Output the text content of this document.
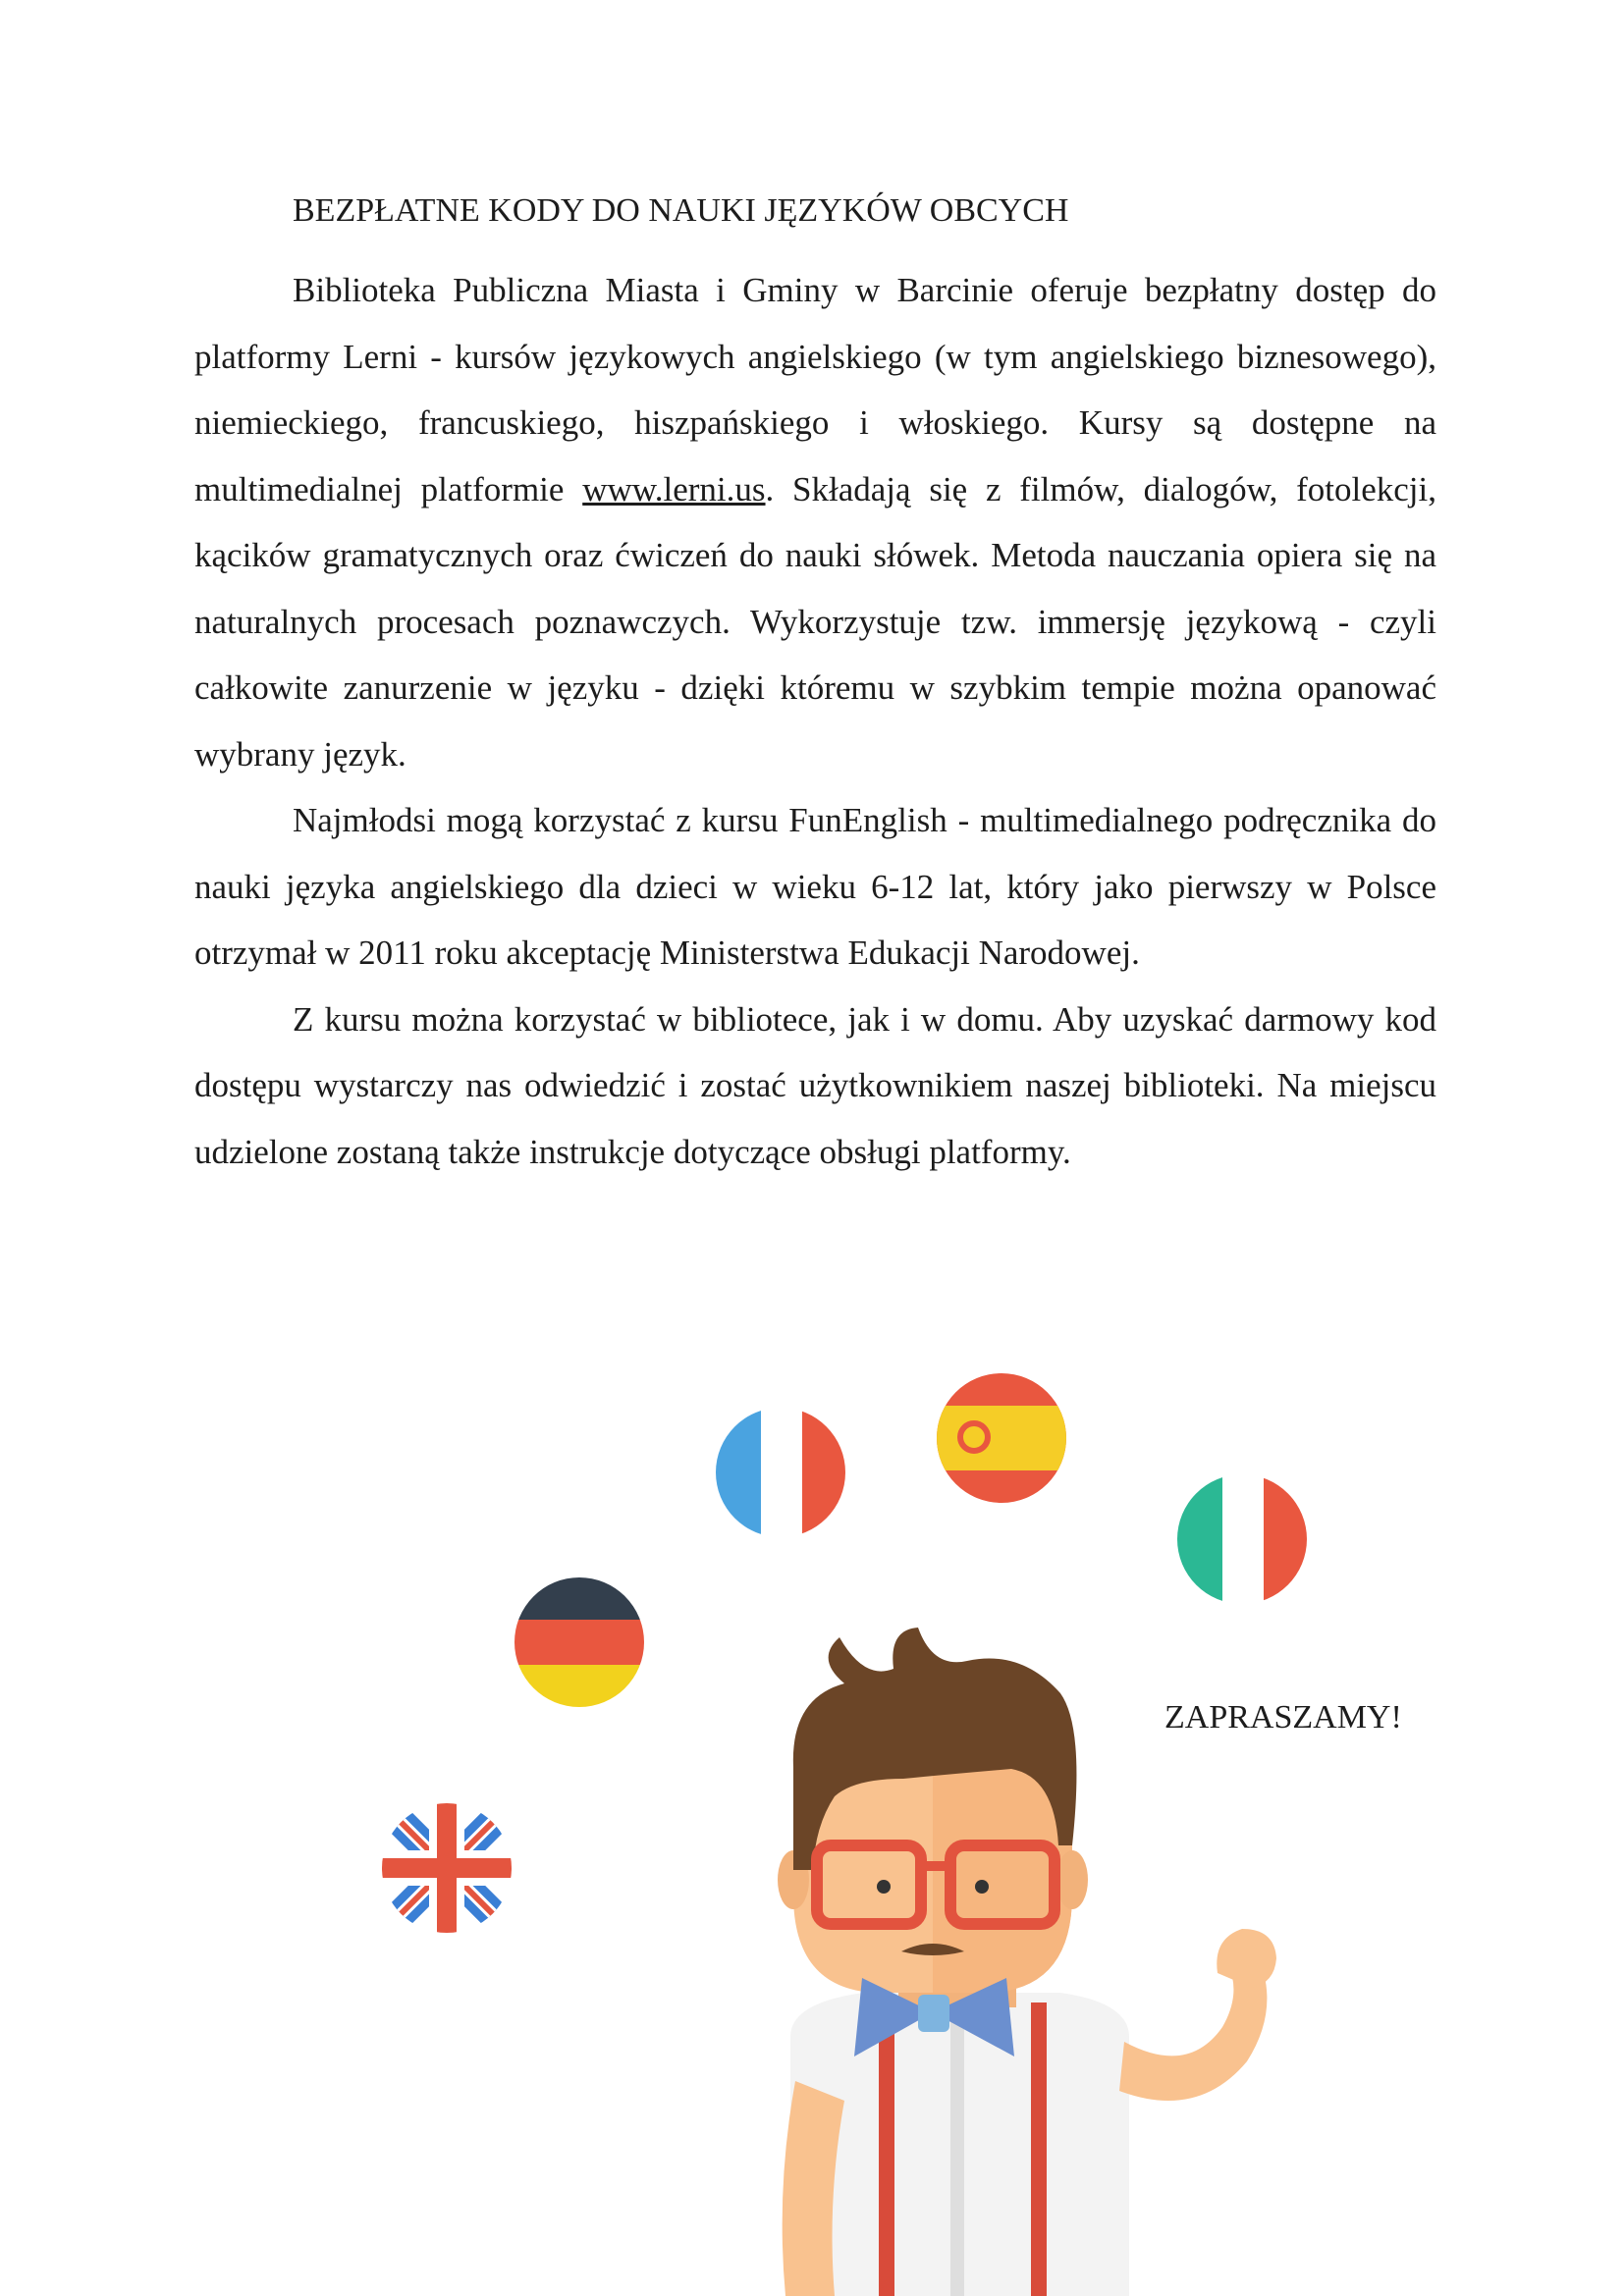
BEZPŁATNE KODY DO NAUKI JĘZYKÓW OBCYCH

Biblioteka Publiczna Miasta i Gminy w Barcinie oferuje bezpłatny dostęp do platformy Lerni - kursów językowych angielskiego (w tym angielskiego biznesowego), niemieckiego, francuskiego, hiszpańskiego i włoskiego. Kursy są dostępne na multimedialnej platformie www.lerni.us. Składają się z filmów, dialogów, fotolekcji, kącików gramatycznych oraz ćwiczeń do nauki słówek. Metoda nauczania opiera się na naturalnych procesach poznawczych. Wykorzystuje tzw. immersję językową - czyli całkowite zanurzenie w języku - dzięki któremu w szybkim tempie można opanować wybrany język.

Najmłodsi mogą korzystać z kursu FunEnglish - multimedialnego podręcznika do nauki języka angielskiego dla dzieci w wieku 6-12 lat, który jako pierwszy w Polsce otrzymał w 2011 roku akceptację Ministerstwa Edukacji Narodowej.

Z kursu można korzystać w bibliotece, jak i w domu. Aby uzyskać darmowy kod dostępu wystarczy nas odwiedzić i zostać użytkownikiem naszej biblioteki. Na miejscu udzielone zostaną także instrukcje dotyczące obsługi platformy.

ZAPRASZAMY!
